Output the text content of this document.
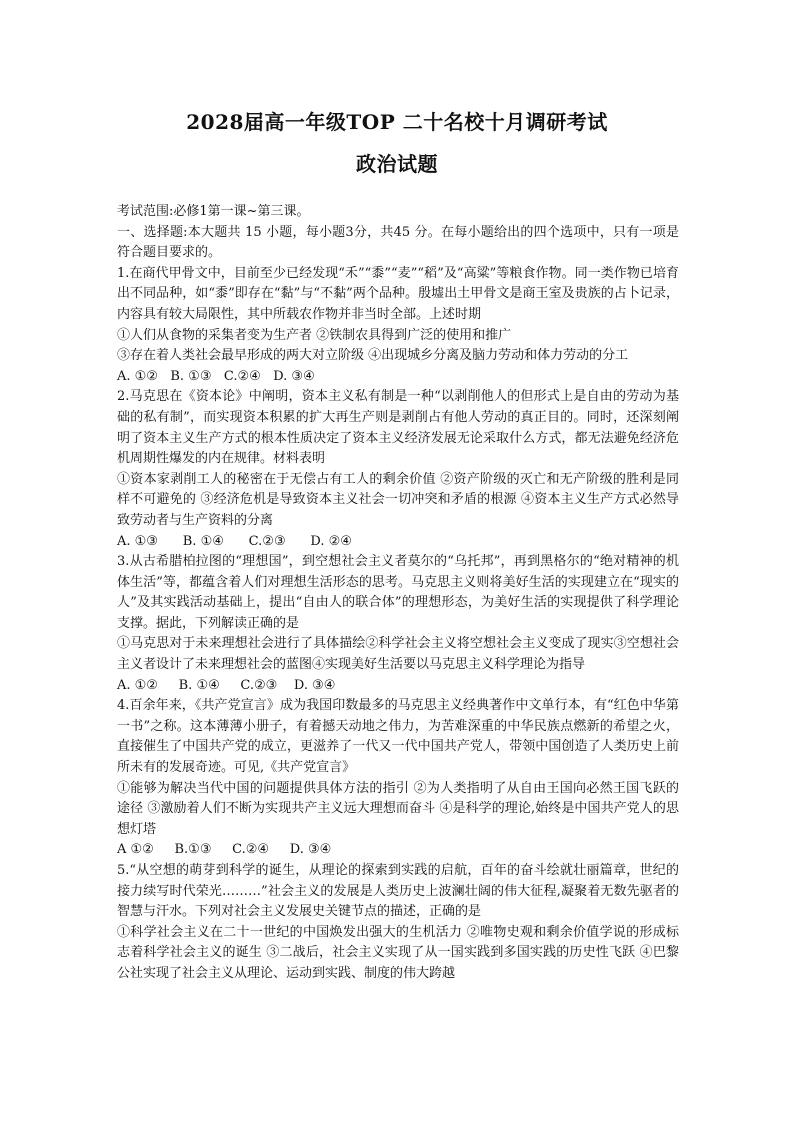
2028届高一年级TOP 二十名校十月调研考试
政治试题

考试范围:必修1第一课~第三课。

一、选择题:本大题共 15 小题，每小题3分，共45 分。在每小题给出的四个选项中，只有一项是符合题目要求的。

1.在商代甲骨文中，目前至少已经发现“禾”“黍”“麦”“稻”及“高粱”等粮食作物。同一类作物已培育出不同品种，如“黍”即存在“黏”与“不黏”两个品种。殷墟出土甲骨文是商王室及贵族的占卜记录，内容具有较大局限性，其中所载农作物并非当时全部。上述时期

①人们从食物的采集者变为生产者 ②铁制农具得到广泛的使用和推广

③存在着人类社会最早形成的两大对立阶级 ④出现城乡分离及脑力劳动和体力劳动的分工

A. ①②   B. ①③   C.②④   D. ③④

2.马克思在《资本论》中阐明，资本主义私有制是一种“以剥削他人的但形式上是自由的劳动为基础的私有制”，而实现资本积累的扩大再生产则是剥削占有他人劳动的真正目的。同时，还深刻阐明了资本主义生产方式的根本性质决定了资本主义经济发展无论采取什么方式，都无法避免经济危机周期性爆发的内在规律。材料表明

①资本家剥削工人的秘密在于无偿占有工人的剩余价值 ②资产阶级的灭亡和无产阶级的胜利是同样不可避免的 ③经济危机是导致资本主义社会一切冲突和矛盾的根源 ④资本主义生产方式必然导致劳动者与生产资料的分离

A. ①③      B. ①④      C.②③      D. ②④

3.从古希腊柏拉图的“理想国”，到空想社会主义者莫尔的“乌托邦”，再到黑格尔的“绝对精神的机体生活”等，都蕴含着人们对理想生活形态的思考。马克思主义则将美好生活的实现建立在“现实的人”及其实践活动基础上，提出“自由人的联合体”的理想形态，为美好生活的实现提供了科学理论支撑。据此，下列解读正确的是

①马克思对于未来理想社会进行了具体描绘②科学社会主义将空想社会主义变成了现实③空想社会主义者设计了未来理想社会的蓝图④实现美好生活要以马克思主义科学理论为指导

A. ①②     B. ①④     C.②③    D. ③④

4.百余年来，《共产党宣言》成为我国印数最多的马克思主义经典著作中文单行本，有“红色中华第一书”之称。这本薄薄小册子，有着撼天动地之伟力，为苦难深重的中华民族点燃新的希望之火，直接催生了中国共产党的成立，更滋养了一代又一代中国共产党人，带领中国创造了人类历史上前所未有的发展奇迹。可见,《共产党宣言》

①能够为解决当代中国的问题提供具体方法的指引 ②为人类指明了从自由王国向必然王国飞跃的途径 ③激励着人们不断为实现共产主义远大理想而奋斗 ④是科学的理论,始终是中国共产党人的思想灯塔

A ①②     B.①③     C.②④     D. ③④

5.“从空想的萌芽到科学的诞生，从理论的探索到实践的启航，百年的奋斗绘就壮丽篇章，世纪的接力续写时代荣光………”社会主义的发展是人类历史上波澜壮阔的伟大征程,凝聚着无数先驱者的智慧与汗水。下列对社会主义发展史关键节点的描述，正确的是

①科学社会主义在二十一世纪的中国焕发出强大的生机活力 ②唯物史观和剩余价值学说的形成标志着科学社会主义的诞生 ③二战后，社会主义实现了从一国实践到多国实践的历史性飞跃 ④巴黎公社实现了社会主义从理论、运动到实践、制度的伟大跨越
